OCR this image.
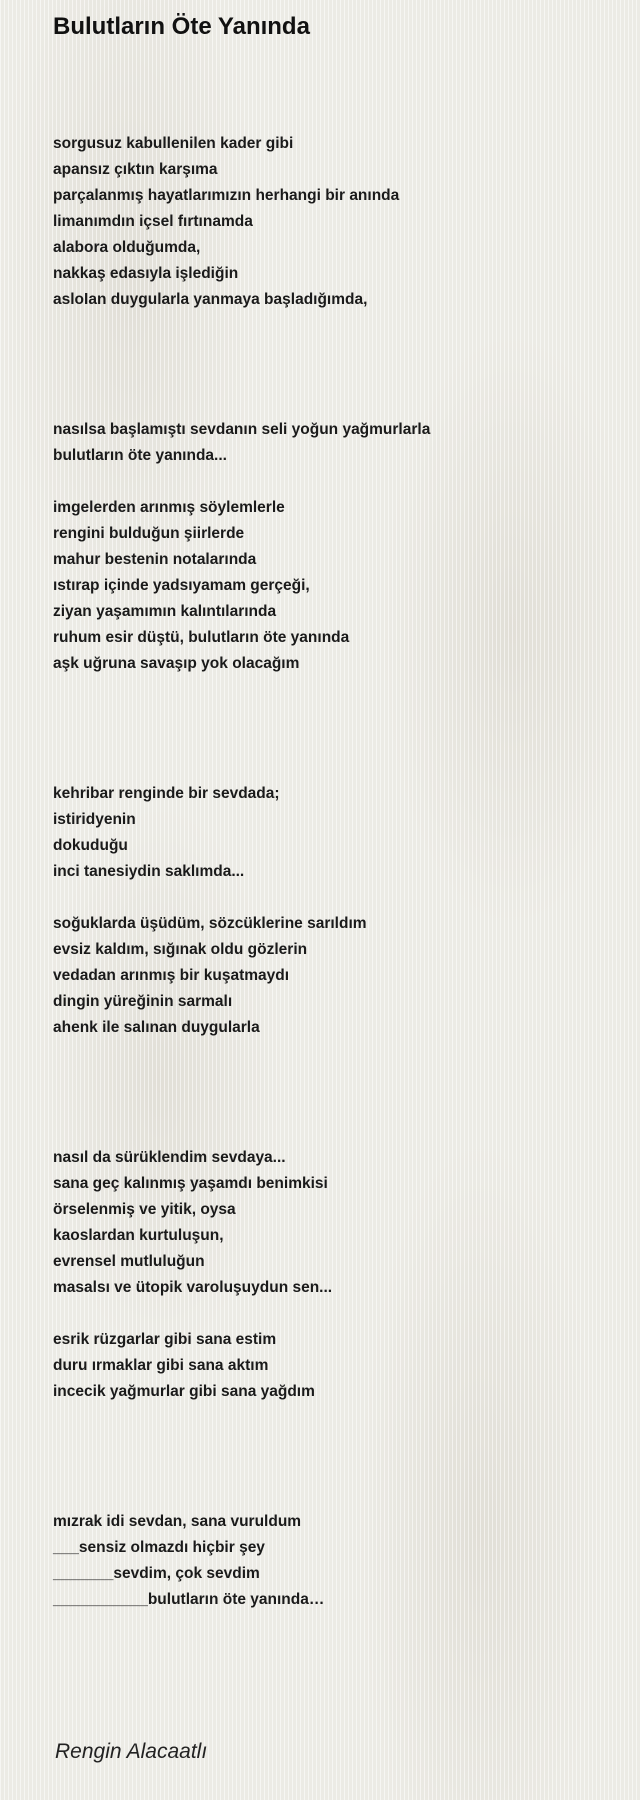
Bulutların Öte Yanında
sorgusuz kabullenilen kader gibi
apansız çıktın karşıma
parçalanmış hayatlarımızın herhangi bir anında
limanımdın içsel fırtınamda
alabora olduğumda,
nakkaş edasıyla işlediğin
asloIan duygularla yanmaya başladığımda,
nasılsa başlamıştı sevdanın seli yoğun yağmurlarla
bulutların öte yanında...
imgelerden arınmış söylemlerle
rengini bulduğun şiirlerde
mahur bestenin notalarında
ıstırap içinde yadsıyamam gerçeği,
ziyan yaşamımın kalıntılarında
ruhum esir düştü, bulutların öte yanında
aşk uğruna savaşıp yok olacağım
kehribar renginde bir sevdada;
istiridyenin
dokuduğu
inci tanesiydin saklımda...
soğuklarda üşüdüm, sözcüklerine sarıldım
evsiz kaldım, sığınak oldu gözlerin
vedadan arınmış bir kuşatmaydı
dingin yüreğinin sarmalı
ahenk ile salınan duygularla
nasıl da sürüklendim sevdaya...
sana geç kalınmış yaşamdı benimkisi
örselenmiş ve yitik, oysa
kaoslardan kurtuluşun,
evrensel mutluluğun
masalsı ve ütopik varoluşuydun sen...
esrik rüzgarlar gibi sana estim
duru ırmaklar gibi sana aktım
incecik yağmurlar gibi sana yağdım
mızrak idi sevdan, sana vuruldum
___sensiz olmazdı hiçbir şey
_______sevdim, çok sevdim
___________bulutların öte yanında…
Rengin Alacaatlı
